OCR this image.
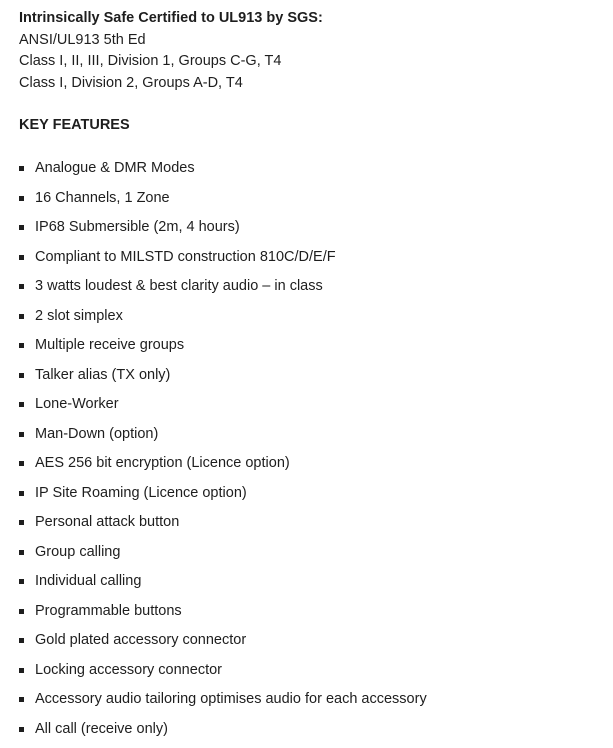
Intrinsically Safe Certified to UL913 by SGS:

ANSI/UL913 5th Ed

Class I, II, III, Division 1, Groups C-G, T4

Class I, Division 2, Groups A-D, T4

KEY FEATURES

Analogue & DMR Modes
16 Channels, 1 Zone
IP68 Submersible (2m, 4 hours)
Compliant to MILSTD construction 810C/D/E/F
3 watts loudest & best clarity audio – in class
2 slot simplex
Multiple receive groups
Talker alias (TX only)
Lone-Worker
Man-Down (option)
AES 256 bit encryption (Licence option)
IP Site Roaming (Licence option)
Personal attack button
Group calling
Individual calling
Programmable buttons
Gold plated accessory connector
Locking accessory connector
Accessory audio tailoring optimises audio for each accessory
All call (receive only)
